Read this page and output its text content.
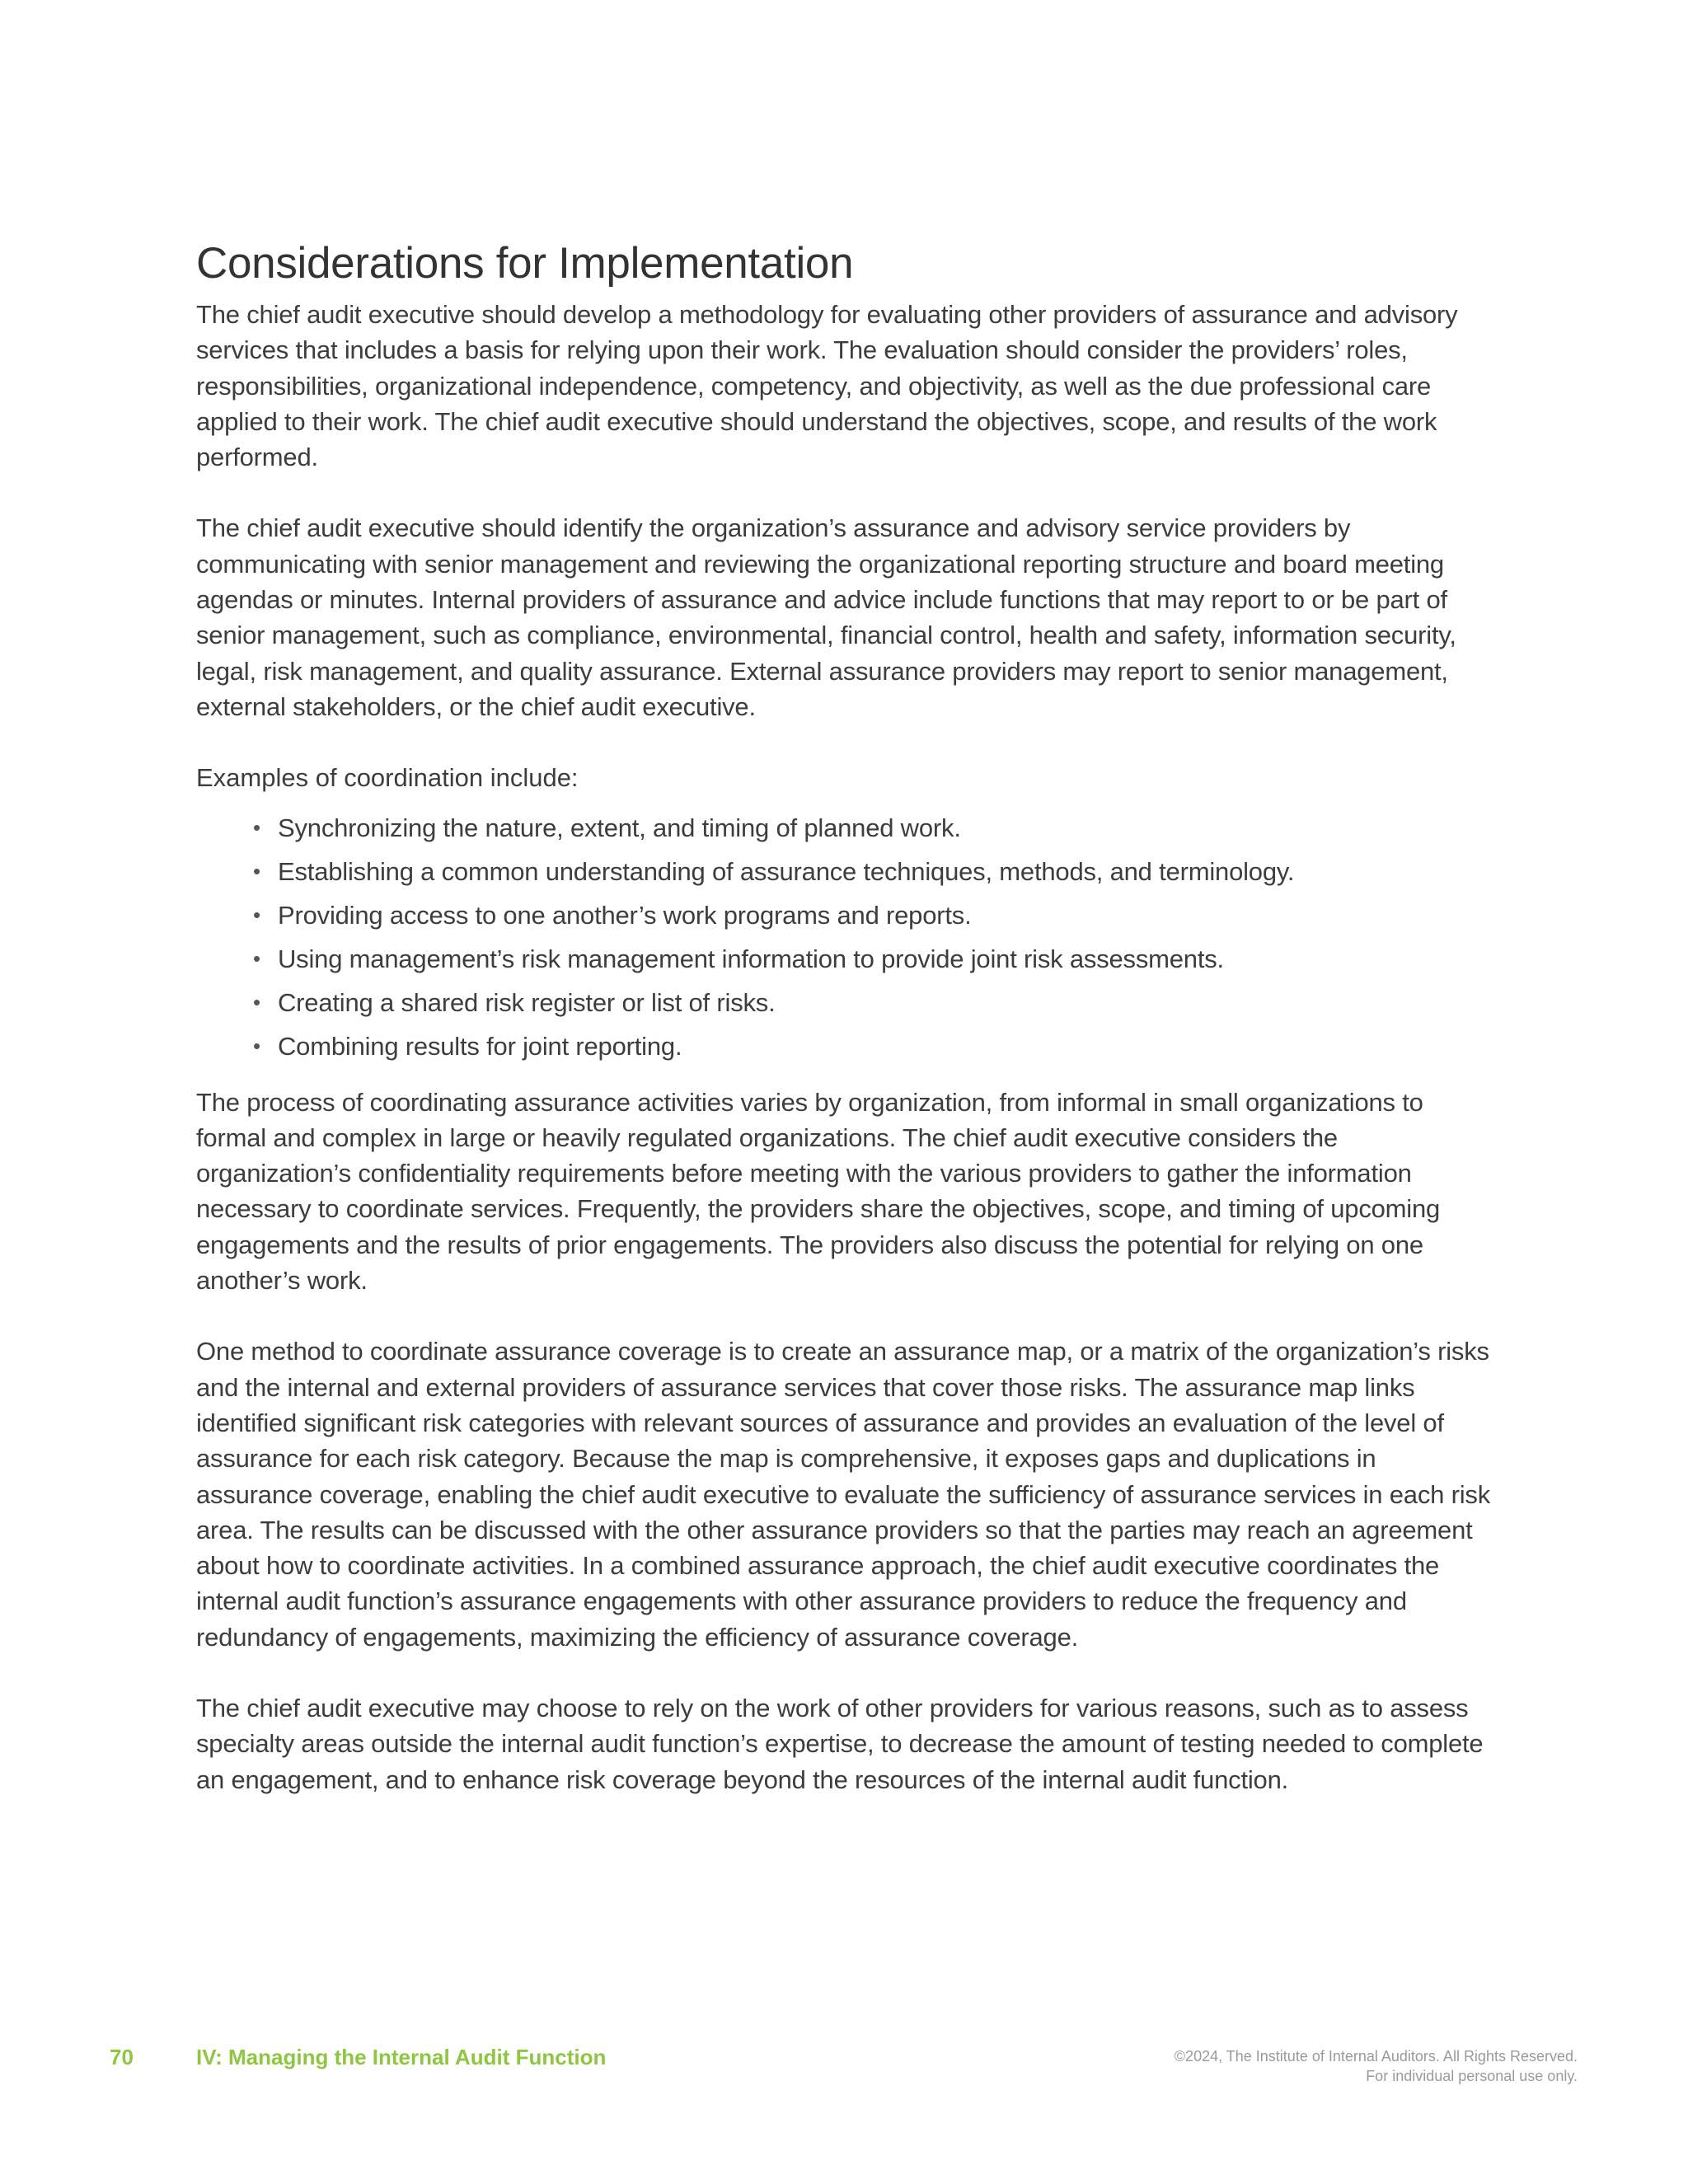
Considerations for Implementation

The chief audit executive should develop a methodology for evaluating other providers of assurance and advisory services that includes a basis for relying upon their work. The evaluation should consider the providers’ roles, responsibilities, organizational independence, competency, and objectivity, as well as the due professional care applied to their work. The chief audit executive should understand the objectives, scope, and results of the work performed.

The chief audit executive should identify the organization’s assurance and advisory service providers by communicating with senior management and reviewing the organizational reporting structure and board meeting agendas or minutes. Internal providers of assurance and advice include functions that may report to or be part of senior management, such as compliance, environmental, financial control, health and safety, information security, legal, risk management, and quality assurance. External assurance providers may report to senior management, external stakeholders, or the chief audit executive.

Examples of coordination include:

• Synchronizing the nature, extent, and timing of planned work.
• Establishing a common understanding of assurance techniques, methods, and terminology.
• Providing access to one another’s work programs and reports.
• Using management’s risk management information to provide joint risk assessments.
• Creating a shared risk register or list of risks.
• Combining results for joint reporting.

The process of coordinating assurance activities varies by organization, from informal in small organizations to formal and complex in large or heavily regulated organizations. The chief audit executive considers the organization’s confidentiality requirements before meeting with the various providers to gather the information necessary to coordinate services. Frequently, the providers share the objectives, scope, and timing of upcoming engagements and the results of prior engagements. The providers also discuss the potential for relying on one another’s work.

One method to coordinate assurance coverage is to create an assurance map, or a matrix of the organization’s risks and the internal and external providers of assurance services that cover those risks. The assurance map links identified significant risk categories with relevant sources of assurance and provides an evaluation of the level of assurance for each risk category. Because the map is comprehensive, it exposes gaps and duplications in assurance coverage, enabling the chief audit executive to evaluate the sufficiency of assurance services in each risk area. The results can be discussed with the other assurance providers so that the parties may reach an agreement about how to coordinate activities. In a combined assurance approach, the chief audit executive coordinates the internal audit function’s assurance engagements with other assurance providers to reduce the frequency and redundancy of engagements, maximizing the efficiency of assurance coverage.

The chief audit executive may choose to rely on the work of other providers for various reasons, such as to assess specialty areas outside the internal audit function’s expertise, to decrease the amount of testing needed to complete an engagement, and to enhance risk coverage beyond the resources of the internal audit function.

70	IV: Managing the Internal Audit Function	©2024, The Institute of Internal Auditors. All Rights Reserved.
For individual personal use only.
